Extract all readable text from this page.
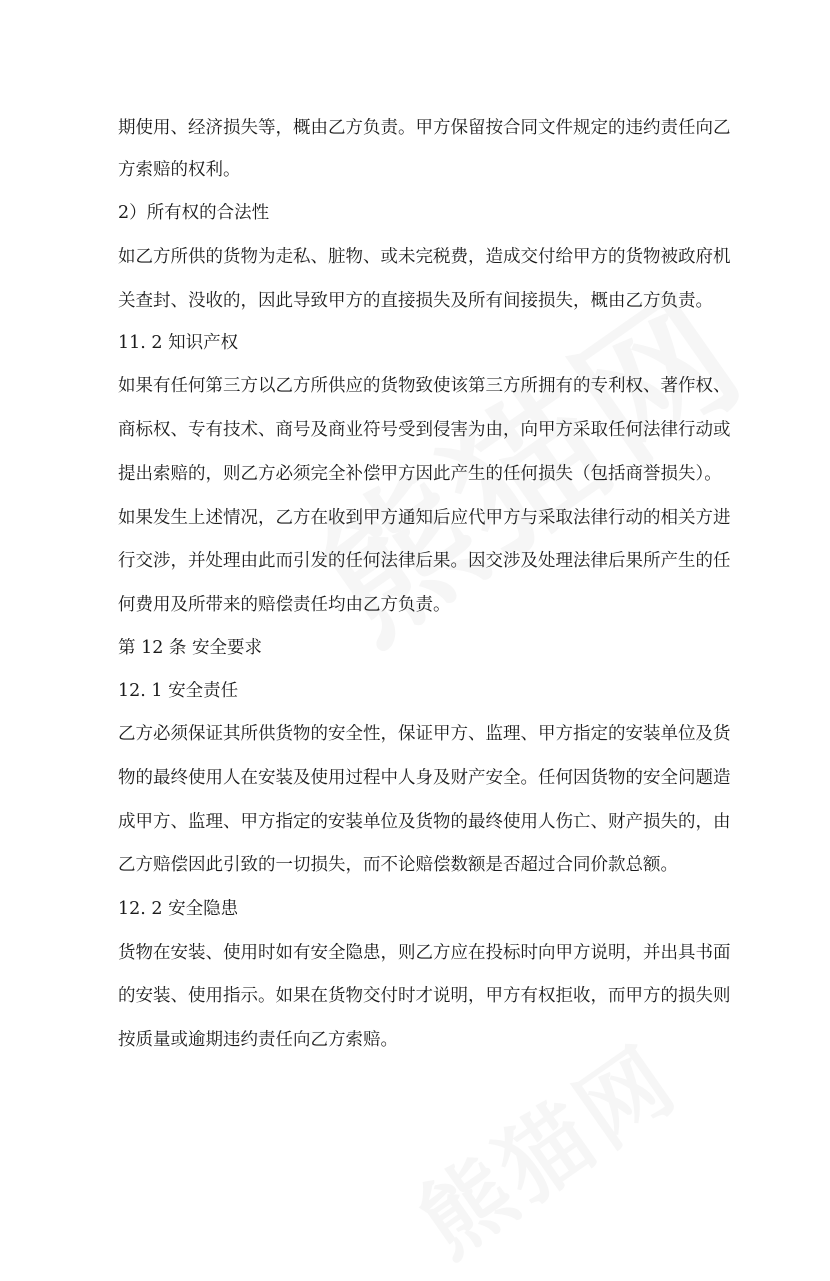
期使用、经济损失等，概由乙方负责。甲方保留按合同文件规定的违约责任向乙

方索赔的权利。

2）所有权的合法性

如乙方所供的货物为走私、脏物、或未完税费，造成交付给甲方的货物被政府机

关查封、没收的，因此导致甲方的直接损失及所有间接损失，概由乙方负责。

11. 2 知识产权

如果有任何第三方以乙方所供应的货物致使该第三方所拥有的专利权、著作权、

商标权、专有技术、商号及商业符号受到侵害为由，向甲方采取任何法律行动或

提出索赔的，则乙方必须完全补偿甲方因此产生的任何损失（包括商誉损失）。

如果发生上述情况，乙方在收到甲方通知后应代甲方与采取法律行动的相关方进

行交涉，并处理由此而引发的任何法律后果。因交涉及处理法律后果所产生的任

何费用及所带来的赔偿责任均由乙方负责。

第 12 条 安全要求

12. 1 安全责任

乙方必须保证其所供货物的安全性，保证甲方、监理、甲方指定的安装单位及货

物的最终使用人在安装及使用过程中人身及财产安全。任何因货物的安全问题造

成甲方、监理、甲方指定的安装单位及货物的最终使用人伤亡、财产损失的，由

乙方赔偿因此引致的一切损失，而不论赔偿数额是否超过合同价款总额。

12. 2 安全隐患

货物在安装、使用时如有安全隐患，则乙方应在投标时向甲方说明，并出具书面

的安装、使用指示。如果在货物交付时才说明，甲方有权拒收，而甲方的损失则

按质量或逾期违约责任向乙方索赔。
